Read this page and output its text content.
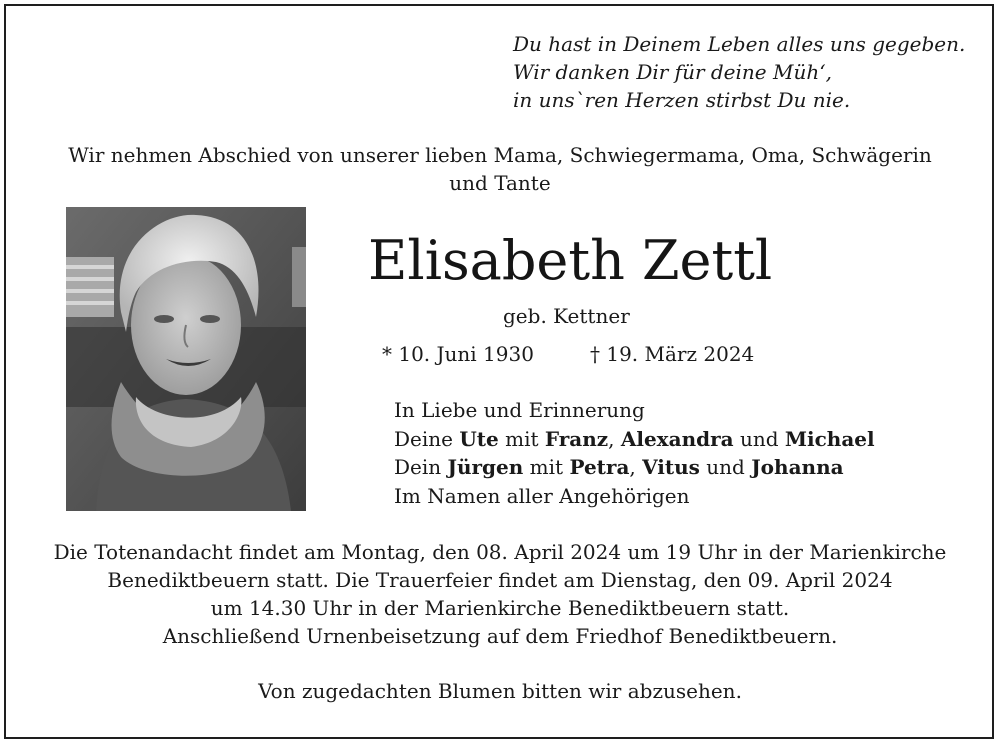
Du hast in Deinem Leben alles uns gegeben.
Wir danken Dir für deine Müh‘,
in uns`ren Herzen stirbst Du nie.
Wir nehmen Abschied von unserer lieben Mama, Schwiegermama, Oma, Schwägerin
und Tante
Elisabeth Zettl
geb. Kettner
* 10. Juni 1930	† 19. März 2024
In Liebe und Erinnerung
Deine Ute mit Franz, Alexandra und Michael
Dein Jürgen mit Petra, Vitus und Johanna
Im Namen aller Angehörigen
Die Totenandacht findet am Montag, den 08. April 2024 um 19 Uhr in der Marienkirche
Benediktbeuern statt. Die Trauerfeier findet am Dienstag, den 09. April 2024
um 14.30 Uhr in der Marienkirche Benediktbeuern statt.
Anschließend Urnenbeisetzung auf dem Friedhof Benediktbeuern.
Von zugedachten Blumen bitten wir abzusehen.
